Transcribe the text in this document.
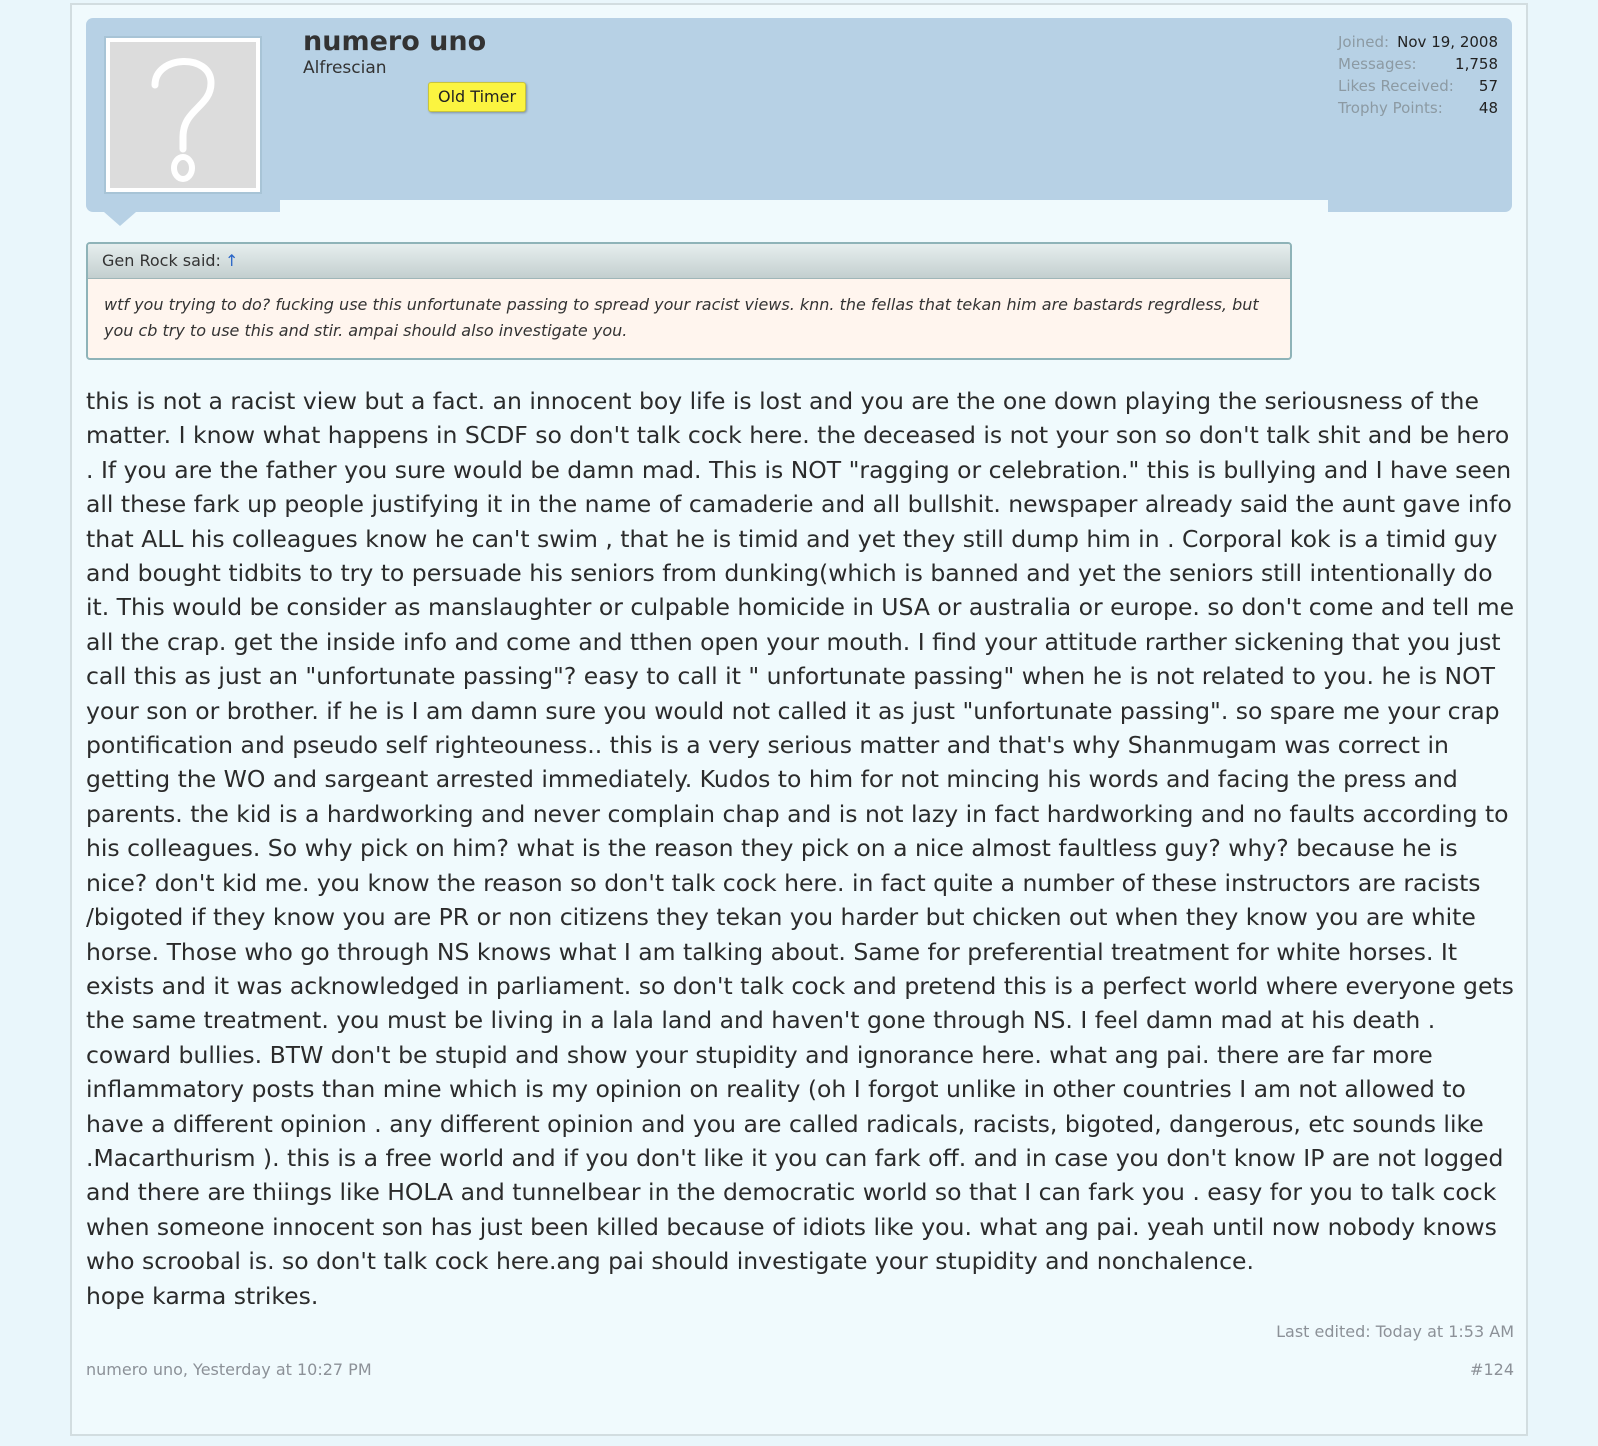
numero uno
Alfrescian
Old Timer
Joined: Nov 19, 2008
Messages:	1,758
Likes Received: 57
Trophy Points: 48
Gen Rock said: ↑
wtf you trying to do? fucking use this unfortunate passing to spread your racist views. knn. the fellas that tekan him are bastards regrdless, but you cb try to use this and stir. ampai should also investigate you.

this is not a racist view but a fact. an innocent boy life is lost and you are the one down playing the seriousness of the matter. I know what happens in SCDF so don't talk cock here. the deceased is not your son so don't talk shit and be hero . If you are the father you sure would be damn mad. This is NOT "ragging or celebration." this is bullying and I have seen all these fark up people justifying it in the name of camaderie and all bullshit. newspaper already said the aunt gave info that ALL his colleagues know he can't swim , that he is timid and yet they still dump him in . Corporal kok is a timid guy and bought tidbits to try to persuade his seniors from dunking(which is banned and yet the seniors still intentionally do it. This would be consider as manslaughter or culpable homicide in USA or australia or europe. so don't come and tell me all the crap. get the inside info and come and tthen open your mouth. I find your attitude rarther sickening that you just call this as just an "unfortunate passing"? easy to call it " unfortunate passing" when he is not related to you. he is NOT your son or brother. if he is I am damn sure you would not called it as just "unfortunate passing". so spare me your crap pontification and pseudo self righteouness.. this is a very serious matter and that's why Shanmugam was correct in getting the WO and sargeant arrested immediately. Kudos to him for not mincing his words and facing the press and parents. the kid is a hardworking and never complain chap and is not lazy in fact hardworking and no faults according to his colleagues. So why pick on him? what is the reason they pick on a nice almost faultless guy? why? because he is nice? don't kid me. you know the reason so don't talk cock here. in fact quite a number of these instructors are racists /bigoted if they know you are PR or non citizens they tekan you harder but chicken out when they know you are white horse. Those who go through NS knows what I am talking about. Same for preferential treatment for white horses. It exists and it was acknowledged in parliament. so don't talk cock and pretend this is a perfect world where everyone gets the same treatment. you must be living in a lala land and haven't gone through NS. I feel damn mad at his death . coward bullies. BTW don't be stupid and show your stupidity and ignorance here. what ang pai. there are far more inflammatory posts than mine which is my opinion on reality (oh I forgot unlike in other countries I am not allowed to have a different opinion . any different opinion and you are called radicals, racists, bigoted, dangerous, etc sounds like .Macarthurism ). this is a free world and if you don't like it you can fark off. and in case you don't know IP are not logged and there are thiings like HOLA and tunnelbear in the democratic world so that I can fark you . easy for you to talk cock when someone innocent son has just been killed because of idiots like you. what ang pai. yeah until now nobody knows who scroobal is. so don't talk cock here.ang pai should investigate your stupidity and nonchalence.

hope karma strikes.

Last edited: Today at 1:53 AM
numero uno, Yesterday at 10:27 PM	#124
